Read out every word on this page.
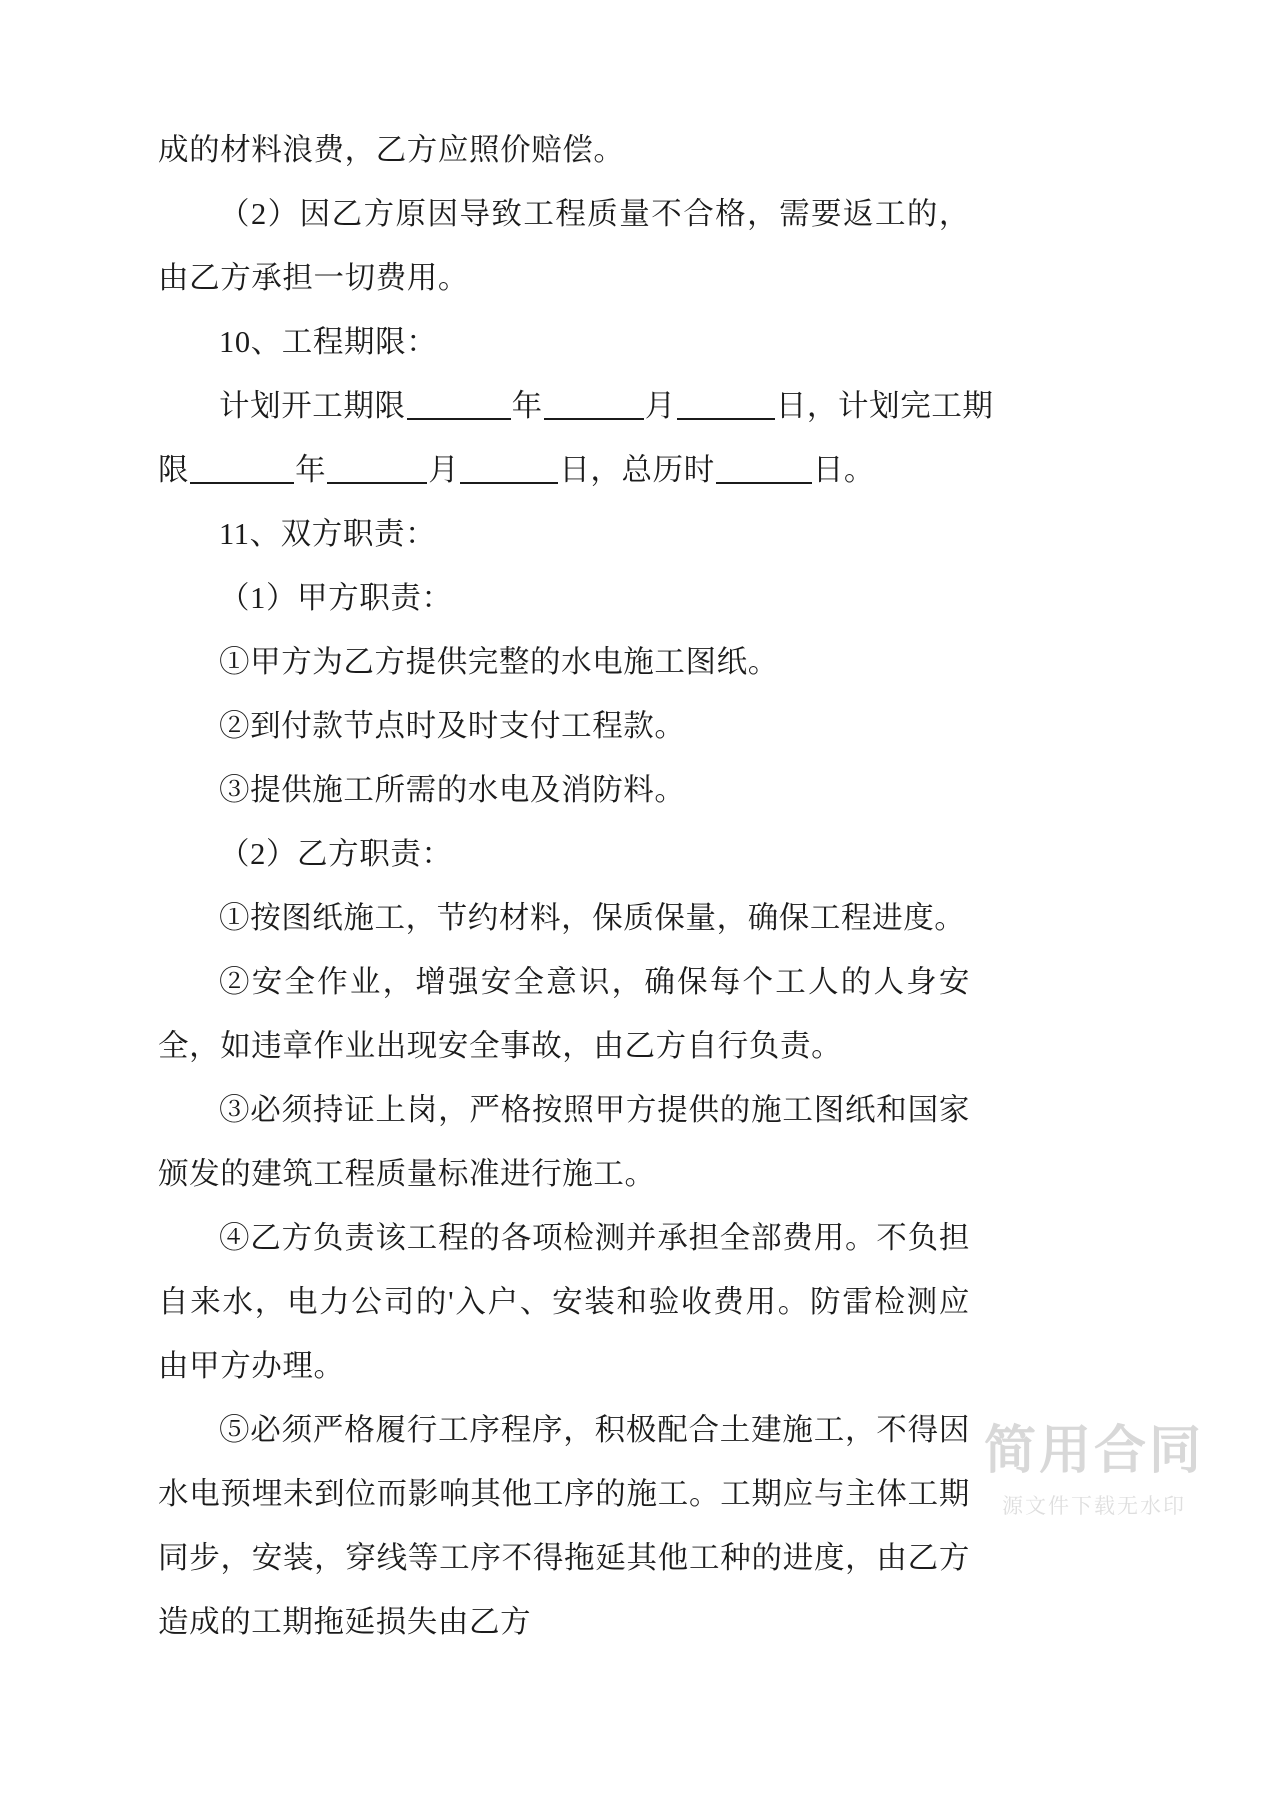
成的材料浪费，乙方应照价赔偿。
（2）因乙方原因导致工程质量不合格，需要返工的，由乙方承担一切费用。
10、工程期限：
计划开工期限	年	月	日，计划完工期
限	年	月	日，总历时	日。
11、双方职责：
（1）甲方职责：
①甲方为乙方提供完整的水电施工图纸。
②到付款节点时及时支付工程款。
③提供施工所需的水电及消防料。
（2）乙方职责：
①按图纸施工，节约材料，保质保量，确保工程进度。
②安全作业，增强安全意识，确保每个工人的人身安全，如违章作业出现安全事故，由乙方自行负责。
③必须持证上岗，严格按照甲方提供的施工图纸和国家颁发的建筑工程质量标准进行施工。
④乙方负责该工程的各项检测并承担全部费用。不负担自来水，电力公司的'入户、安装和验收费用。防雷检测应由甲方办理。
⑤必须严格履行工序程序，积极配合土建施工，不得因水电预埋未到位而影响其他工序的施工。工期应与主体工期同步，安装，穿线等工序不得拖延其他工种的进度，由乙方造成的工期拖延损失由乙方
简用合同
源文件下载无水印
